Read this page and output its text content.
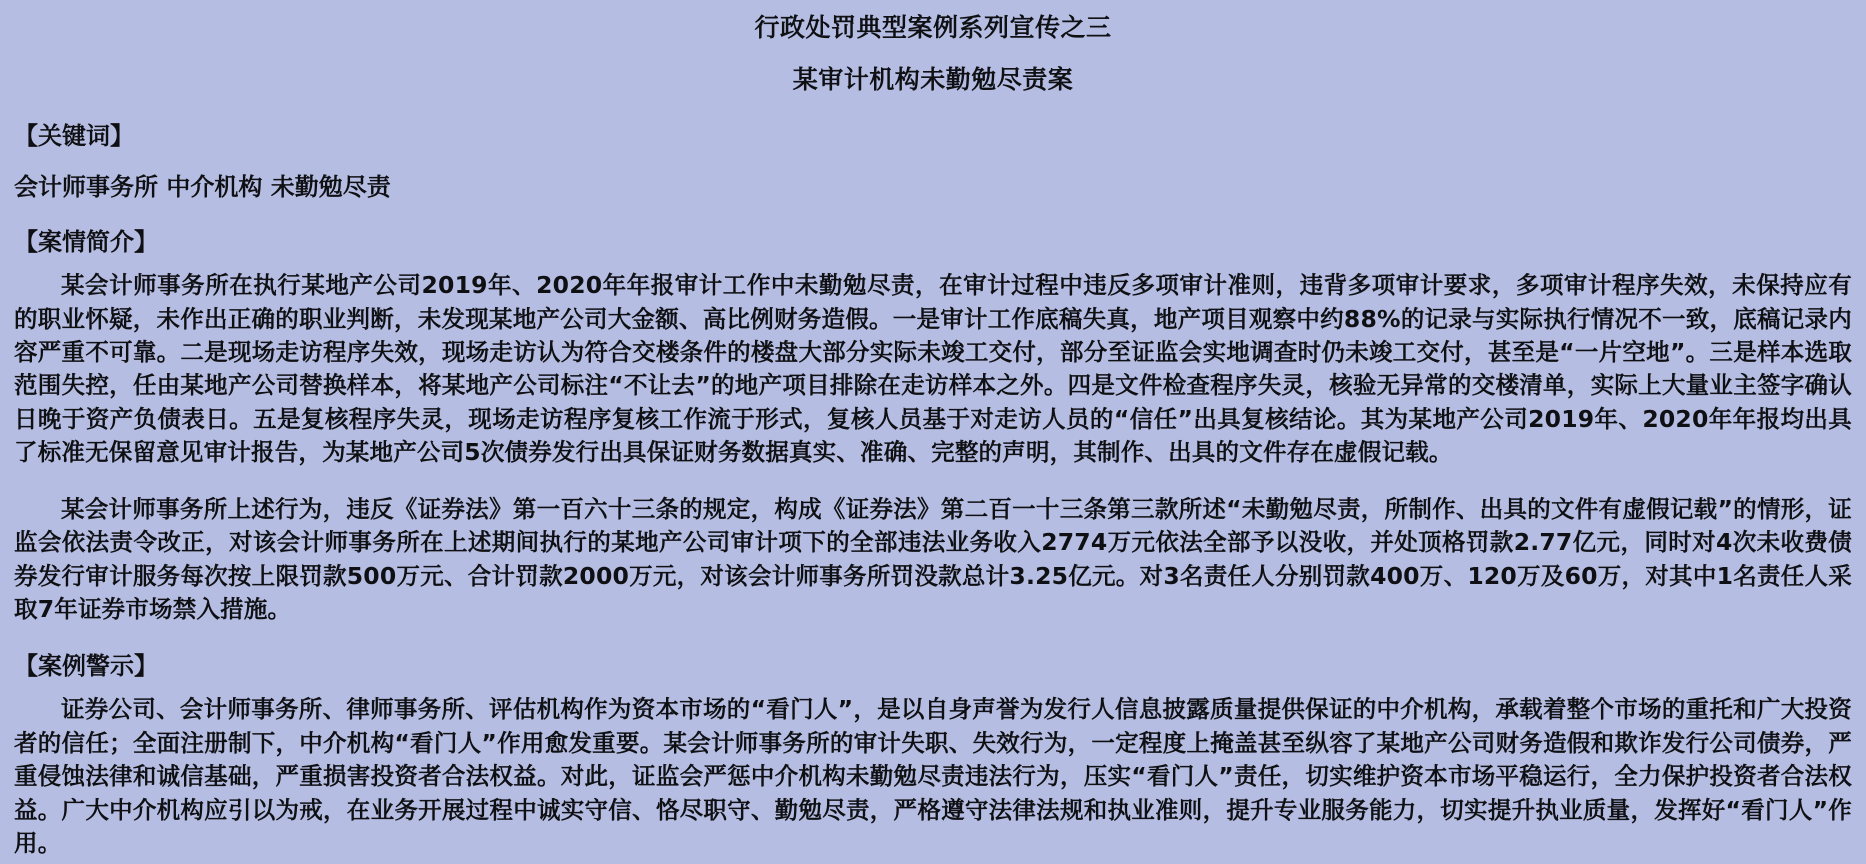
行政处罚典型案例系列宣传之三
某审计机构未勤勉尽责案
【关键词】
会计师事务所 中介机构 未勤勉尽责
【案情简介】

某会计师事务所在执行某地产公司2019年、2020年年报审计工作中未勤勉尽责，在审计过程中违反多项审计准则，违背多项审计要求，多项审计程序失效，未保持应有的职业怀疑，未作出正确的职业判断，未发现某地产公司大金额、高比例财务造假。一是审计工作底稿失真，地产项目观察中约88%的记录与实际执行情况不一致，底稿记录内容严重不可靠。二是现场走访程序失效，现场走访认为符合交楼条件的楼盘大部分实际未竣工交付，部分至证监会实地调查时仍未竣工交付，甚至是“一片空地”。三是样本选取范围失控，任由某地产公司替换样本，将某地产公司标注“不让去”的地产项目排除在走访样本之外。四是文件检查程序失灵，核验无异常的交楼清单，实际上大量业主签字确认日晚于资产负债表日。五是复核程序失灵，现场走访程序复核工作流于形式，复核人员基于对走访人员的“信任”出具复核结论。其为某地产公司2019年、2020年年报均出具了标准无保留意见审计报告，为某地产公司5次债券发行出具保证财务数据真实、准确、完整的声明，其制作、出具的文件存在虚假记载。

某会计师事务所上述行为，违反《证券法》第一百六十三条的规定，构成《证券法》第二百一十三条第三款所述“未勤勉尽责，所制作、出具的文件有虚假记载”的情形，证监会依法责令改正，对该会计师事务所在上述期间执行的某地产公司审计项下的全部违法业务收入2774万元依法全部予以没收，并处顶格罚款2.77亿元，同时对4次未收费债券发行审计服务每次按上限罚款500万元、合计罚款2000万元，对该会计师事务所罚没款总计3.25亿元。对3名责任人分别罚款400万、120万及60万，对其中1名责任人采取7年证券市场禁入措施。

【案例警示】

证券公司、会计师事务所、律师事务所、评估机构作为资本市场的“看门人”，是以自身声誉为发行人信息披露质量提供保证的中介机构，承载着整个市场的重托和广大投资者的信任；全面注册制下，中介机构“看门人”作用愈发重要。某会计师事务所的审计失职、失效行为，一定程度上掩盖甚至纵容了某地产公司财务造假和欺诈发行公司债券，严重侵蚀法律和诚信基础，严重损害投资者合法权益。对此，证监会严惩中介机构未勤勉尽责违法行为，压实“看门人”责任，切实维护资本市场平稳运行，全力保护投资者合法权益。广大中介机构应引以为戒，在业务开展过程中诚实守信、恪尽职守、勤勉尽责，严格遵守法律法规和执业准则，提升专业服务能力，切实提升执业质量，发挥好“看门人”作用。
